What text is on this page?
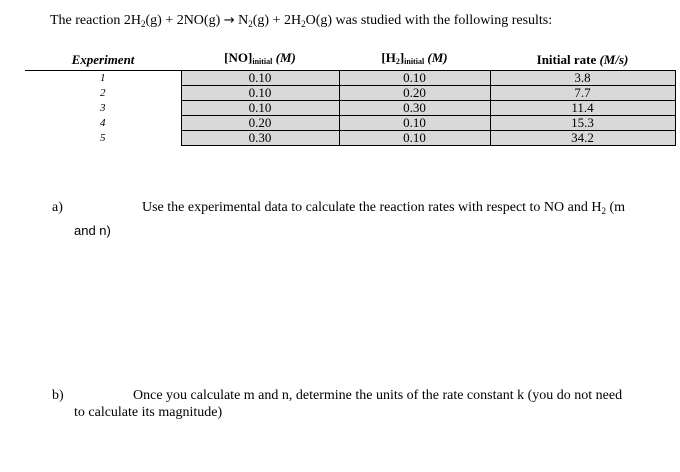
The reaction $2H_2(g) + 2NO(g) \to N_2(g) + 2H_2O(g)$ was studied with the following results:
Experiment	[NO]initial (M)	[H2]initial (M)	Initial rate (M/s)
1	0.10	0.10	3.8
2	0.10	0.20	7.7
3	0.10	0.30	11.4
4	0.20	0.10	15.3
5	0.30	0.10	34.2
a)	Use the experimental data to calculate the reaction rates with respect to NO and $H_2$ (m
and n)
b)	Once you calculate m and n, determine the units of the rate constant k (you do not need
to calculate its magnitude)
